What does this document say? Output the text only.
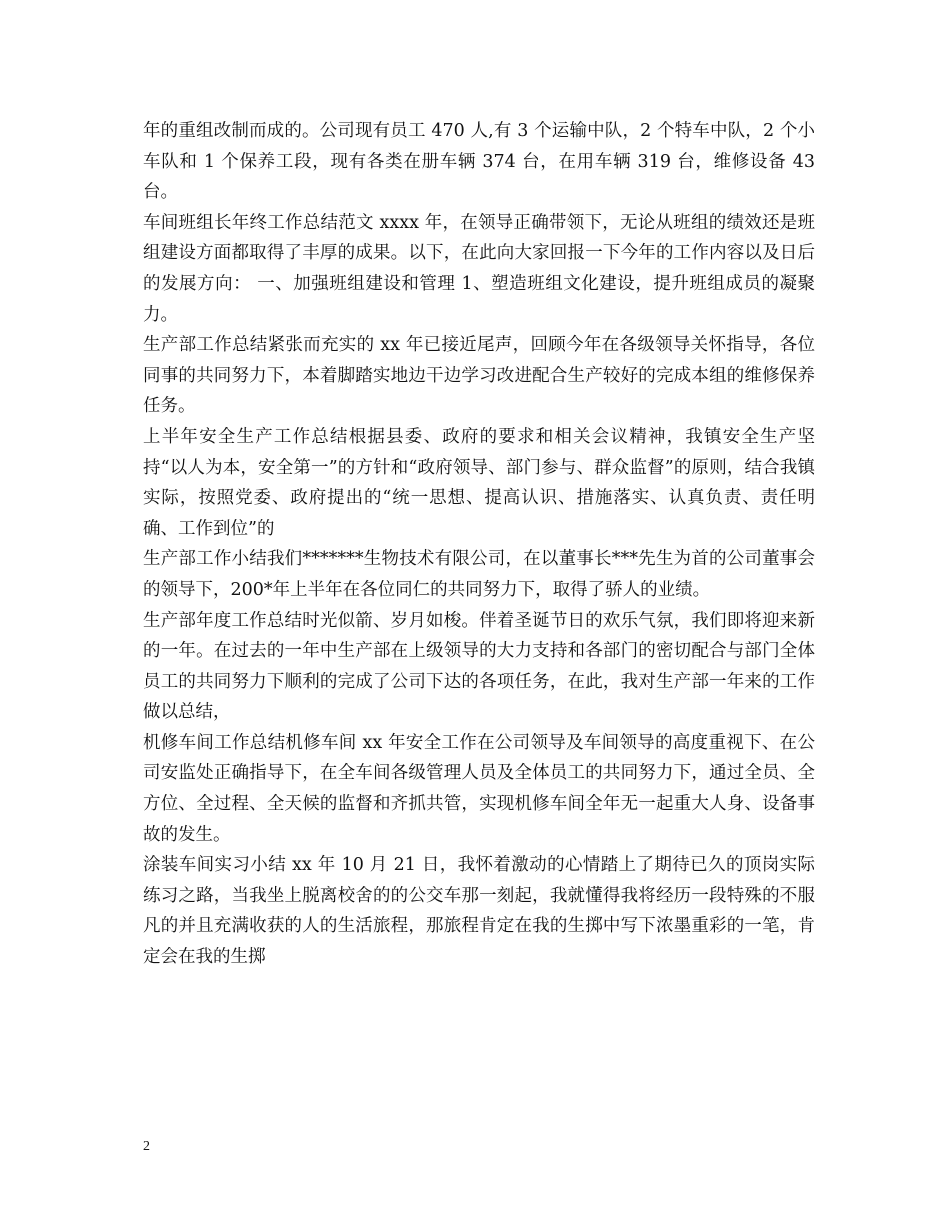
年的重组改制而成的。公司现有员工 470 人,有 3 个运输中队，2 个特车中队，2 个小车队和 1 个保养工段，现有各类在册车辆 374 台，在用车辆 319 台，维修设备 43 台。

车间班组长年终工作总结范文 xxxx 年，在领导正确带领下，无论从班组的绩效还是班组建设方面都取得了丰厚的成果。以下，在此向大家回报一下今年的工作内容以及日后的发展方向： 一、加强班组建设和管理 1、塑造班组文化建设，提升班组成员的凝聚力。

生产部工作总结紧张而充实的 xx 年已接近尾声，回顾今年在各级领导关怀指导，各位同事的共同努力下，本着脚踏实地边干边学习改进配合生产较好的完成本组的维修保养任务。

上半年安全生产工作总结根据县委、政府的要求和相关会议精神，我镇安全生产坚持“以人为本，安全第一”的方针和“政府领导、部门参与、群众监督”的原则，结合我镇实际，按照党委、政府提出的“统一思想、提高认识、措施落实、认真负责、责任明确、工作到位”的

生产部工作小结我们*******生物技术有限公司，在以董事长***先生为首的公司董事会的领导下，200*年上半年在各位同仁的共同努力下，取得了骄人的业绩。

生产部年度工作总结时光似箭、岁月如梭。伴着圣诞节日的欢乐气氛，我们即将迎来新的一年。在过去的一年中生产部在上级领导的大力支持和各部门的密切配合与部门全体员工的共同努力下顺利的完成了公司下达的各项任务，在此，我对生产部一年来的工作做以总结，

机修车间工作总结机修车间 xx 年安全工作在公司领导及车间领导的高度重视下、在公司安监处正确指导下，在全车间各级管理人员及全体员工的共同努力下，通过全员、全方位、全过程、全天候的监督和齐抓共管，实现机修车间全年无一起重大人身、设备事故的发生。

涂装车间实习小结 xx 年 10 月 21 日，我怀着激动的心情踏上了期待已久的顶岗实际练习之路，当我坐上脱离校舍的的公交车那一刻起，我就懂得我将经历一段特殊的不服凡的并且充满收获的人的生活旅程，那旅程肯定在我的生掷中写下浓墨重彩的一笔，肯定会在我的生掷

2
